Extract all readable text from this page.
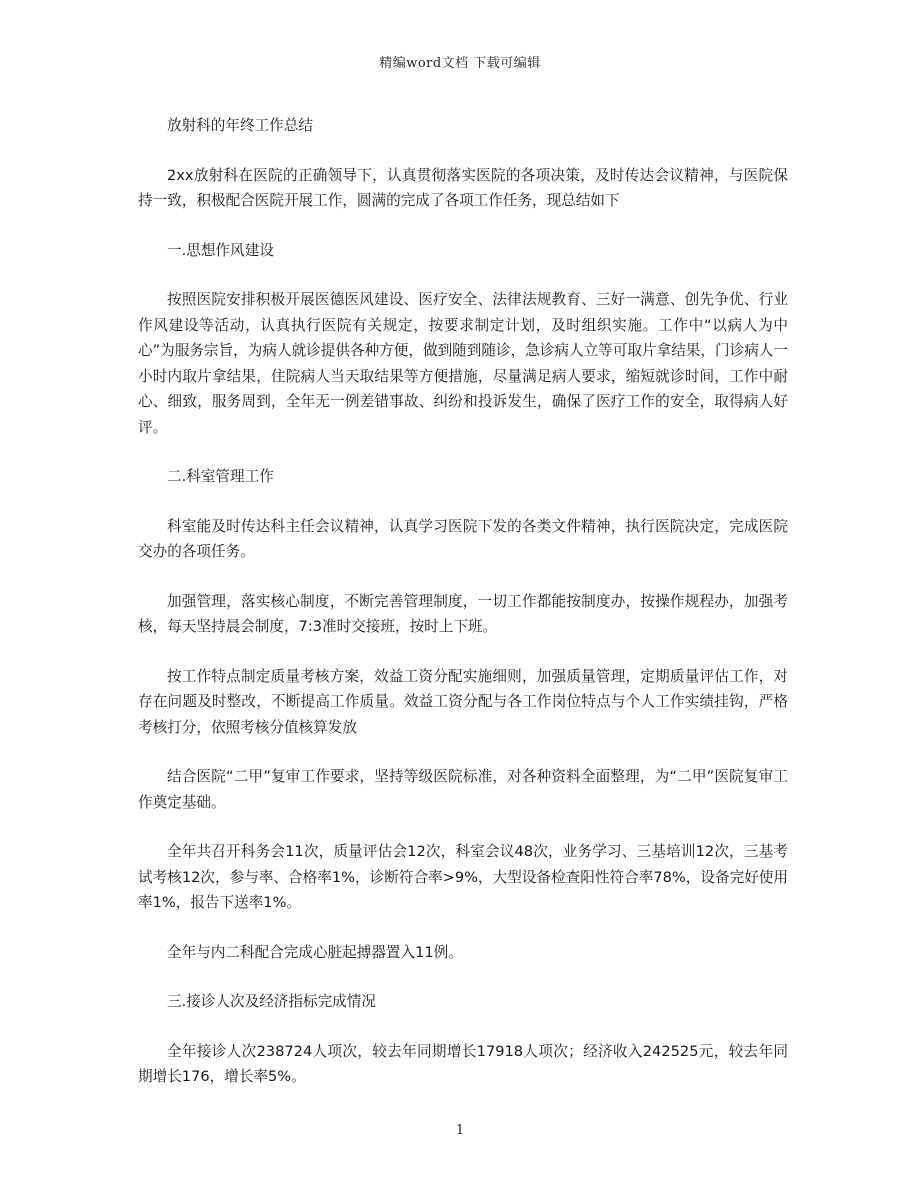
精编word文档 下载可编辑

放射科的年终工作总结

2xx放射科在医院的正确领导下，认真贯彻落实医院的各项决策，及时传达会议精神，与医院保持一致，积极配合医院开展工作，圆满的完成了各项工作任务，现总结如下

一.思想作风建设

按照医院安排积极开展医德医风建设、医疗安全、法律法规教育、三好一满意、创先争优、行业作风建设等活动，认真执行医院有关规定，按要求制定计划，及时组织实施。工作中“以病人为中心”为服务宗旨，为病人就诊提供各种方便，做到随到随诊，急诊病人立等可取片拿结果，门诊病人一小时内取片拿结果，住院病人当天取结果等方便措施，尽量满足病人要求，缩短就诊时间，工作中耐心、细致，服务周到，全年无一例差错事故、纠纷和投诉发生，确保了医疗工作的安全，取得病人好评。

二.科室管理工作

科室能及时传达科主任会议精神，认真学习医院下发的各类文件精神，执行医院决定，完成医院交办的各项任务。

加强管理，落实核心制度，不断完善管理制度，一切工作都能按制度办，按操作规程办，加强考核，每天坚持晨会制度，7:3准时交接班，按时上下班。

按工作特点制定质量考核方案，效益工资分配实施细则，加强质量管理，定期质量评估工作，对存在问题及时整改，不断提高工作质量。效益工资分配与各工作岗位特点与个人工作实绩挂钩，严格考核打分，依照考核分值核算发放

结合医院“二甲”复审工作要求，坚持等级医院标准，对各种资料全面整理，为“二甲”医院复审工作奠定基础。

全年共召开科务会11次，质量评估会12次，科室会议48次，业务学习、三基培训12次，三基考试考核12次，参与率、合格率1%，诊断符合率>9%，大型设备检查阳性符合率78%，设备完好使用率1%，报告下送率1%。

全年与内二科配合完成心脏起搏器置入11例。

三.接诊人次及经济指标完成情况

全年接诊人次238724人项次，较去年同期增长17918人项次；经济收入242525元，较去年同期增长176，增长率5%。

1
